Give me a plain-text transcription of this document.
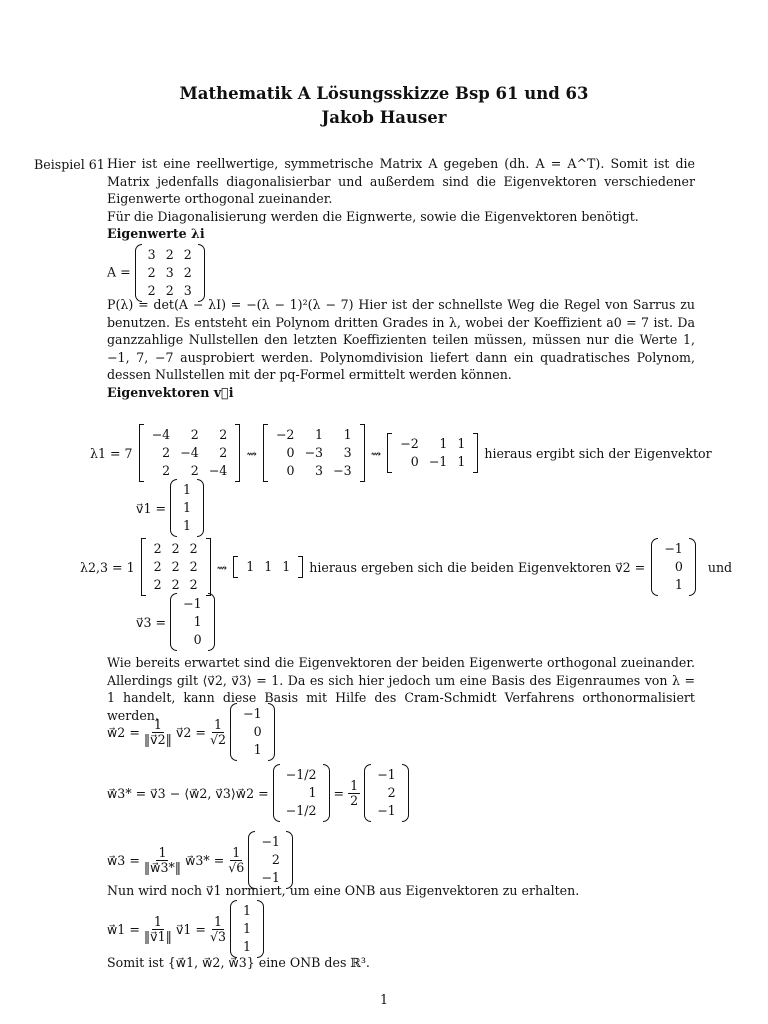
Mathematik A Lösungsskizze Bsp 61 und 63
Jakob Hauser
Beispiel 61 Hier ist eine reellwertige, symmetrische Matrix A gegeben (dh. A = A^T). Somit ist die Matrix jedenfalls diagonalisierbar und außerdem sind die Eigenvektoren verschiedener Eigenwerte orthogonal zueinander.

Für die Diagonalisierung werden die Eignwerte, sowie die Eigenvektoren benötigt.

Eigenwerte λi

A =
3 2 2
2 3 2
2 2 3

P(λ) = det(A − λI) = −(λ − 1)²(λ − 7) Hier ist der schnellste Weg die Regel von Sarrus zu benutzen. Es entsteht ein Polynom dritten Grades in λ, wobei der Koeffizient a0 = 7 ist. Da ganzzahlige Nullstellen den letzten Koeffizienten teilen müssen, müssen nur die Werte 1, −1, 7, −7 ausprobiert werden. Polynomdivision liefert dann ein quadratisches Polynom, dessen Nullstellen mit der pq-Formel ermittelt werden können.

Eigenvektoren v⃗i

λ1 = 7
−4	2	2
2 −4	2
2	2 −4
⇝
−2	1	1
0 −3	3
0	3 −3
⇝
−2	1 1
0 −1 1
hieraus ergibt sich der Eigenvektor
v⃗1 =
1
1
1
λ2,3 = 1
2 2 2
2 2 2
2 2 2
⇝	1 1 1	hieraus ergeben sich die beiden Eigenvektoren v⃗2 =
−1
0
1
und
v⃗3 =
−1
1
0

Wie bereits erwartet sind die Eigenvektoren der beiden Eigenwerte orthogonal zueinander. Allerdings gilt ⟨v⃗2, v⃗3⟩ = 1. Da es sich hier jedoch um eine Basis des Eigenraumes von λ = 1 handelt, kann diese Basis mit Hilfe des Cram-Schmidt Verfahrens orthonormalisiert werden.

w⃗2 = $\frac{1}{‖v⃗2‖}$ v⃗2 = $\frac{1}{√2}$
−1
0
1
w⃗3* = v⃗3 − ⟨w⃗2, v⃗3⟩w⃗2 =
−1/2
1
−1/2
= $\frac{1}{2}$
−1
2
−1
w⃗3 = $\frac{1}{‖w⃗3*‖}$ w⃗3* = $\frac{1}{√6}$
−1
2
−1

Nun wird noch v⃗1 normiert, um eine ONB aus Eigenvektoren zu erhalten.

w⃗1 = $\frac{1}{‖v⃗1‖}$ v⃗1 = $\frac{1}{√3}$
1
1
1

Somit ist {w⃗1, w⃗2, w⃗3} eine ONB des ℝ³.

1
